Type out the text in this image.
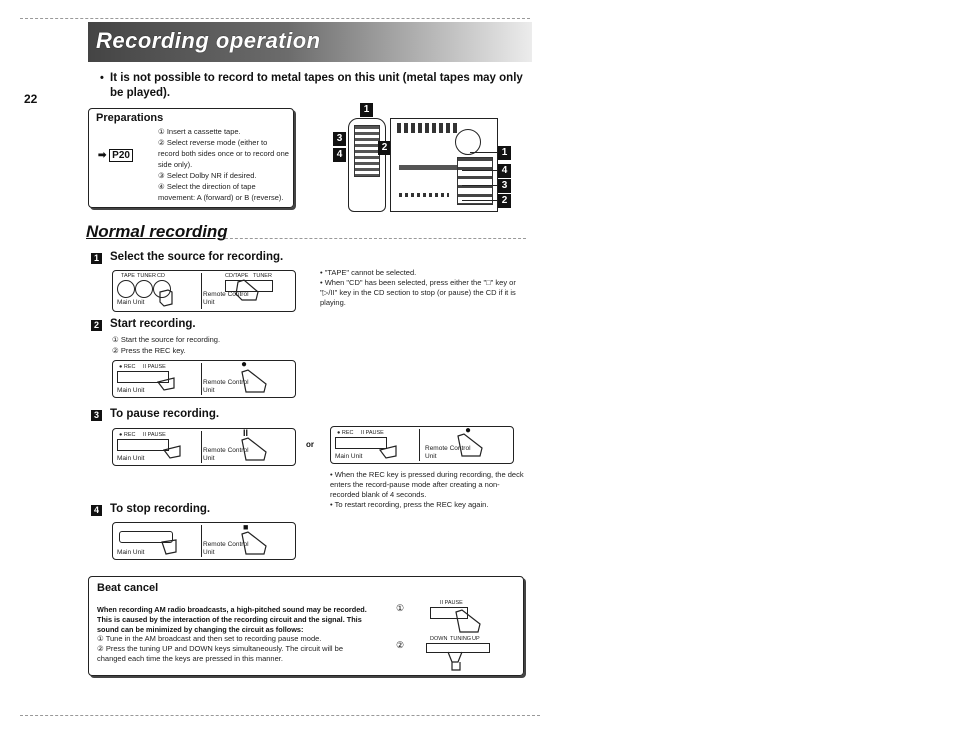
Recording operation
22
• It is not possible to record to metal tapes on this unit (metal tapes may only be played).
Preparations
➡ P20
① Insert a cassette tape.
② Select reverse mode (either to record both sides once or to record one side only).
③ Select Dolby NR if desired.
④ Select the direction of tape movement: A (forward) or B (reverse).
1
3
4
2	1
4
3
2
Normal recording
1 Select the source for recording.
TAPE TUNER CD
Main Unit
CD/TAPE TUNER
Remote Control Unit
• "TAPE" cannot be selected.
• When "CD" has been selected, press either the "□" key or "▷/II" key in the CD section to stop (or pause) the CD if it is playing.
2 Start recording.
① Start the source for recording.
② Press the REC key.
● REC II PAUSE
Main Unit
●
Remote Control Unit
3 To pause recording.
● REC II PAUSE
Main Unit
II
Remote Control Unit
or
● REC II PAUSE
Main Unit
●
Remote Control Unit
• When the REC key is pressed during recording, the deck enters the record-pause mode after creating a non-recorded blank of 4 seconds.
• To restart recording, press the REC key again.
4 To stop recording.
Main Unit
■
Remote Control Unit
Beat cancel
When recording AM radio broadcasts, a high-pitched sound may be recorded. This is caused by the interaction of the recording circuit and the signal. This sound can be minimized by changing the circuit as follows:
① Tune in the AM broadcast and then set to recording pause mode.
② Press the tuning UP and DOWN keys simultaneously. The circuit will be changed each time the keys are pressed in this manner.
①	II PAUSE
②
DOWN TUNING UP
